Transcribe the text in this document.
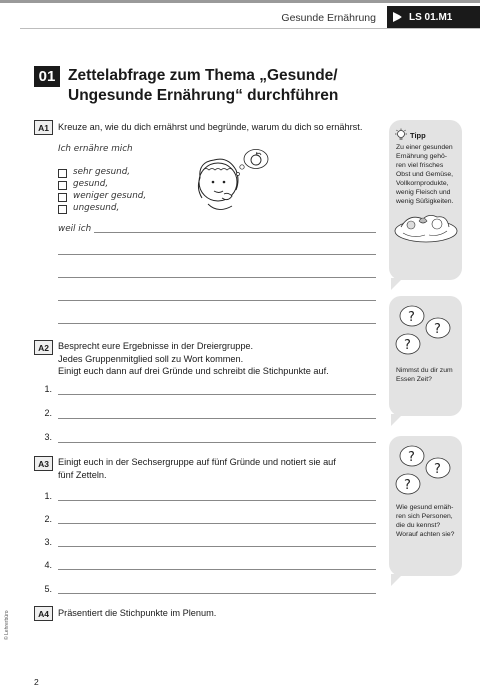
Gesunde Ernährung	LS 01.M1
01 Zettelabfrage zum Thema „Gesunde/ Ungesunde Ernährung“ durchführen
A1 Kreuze an, wie du dich ernährst und begründe, warum du dich so ernährst.
Ich ernähre mich
sehr gesund,
gesund,
weniger gesund,
ungesund,
weil ich
A2 Besprecht eure Ergebnisse in der Dreiergruppe.
Jedes Gruppenmitglied soll zu Wort kommen.
Einigt euch dann auf drei Gründe und schreibt die Stichpunkte auf.
1.
2.
3.
A3 Einigt euch in der Sechsergruppe auf fünf Gründe und notiert sie auf
fünf Zetteln.
1.
2.
3.
4.
5.
A4 Präsentiert die Stichpunkte im Plenum.
Tipp
Zu einer gesunden
Ernährung gehö-
ren viel frisches
Obst und Gemüse,
Vollkornprodukte,
wenig Fleisch und
wenig Süßigkeiten.
?
?
?
Nimmst du dir zum
Essen Zeit?
?
?
?
Wie gesund ernäh-
ren sich Personen,
die du kennst?
Worauf achten sie?
© Lehrerbüro
2
